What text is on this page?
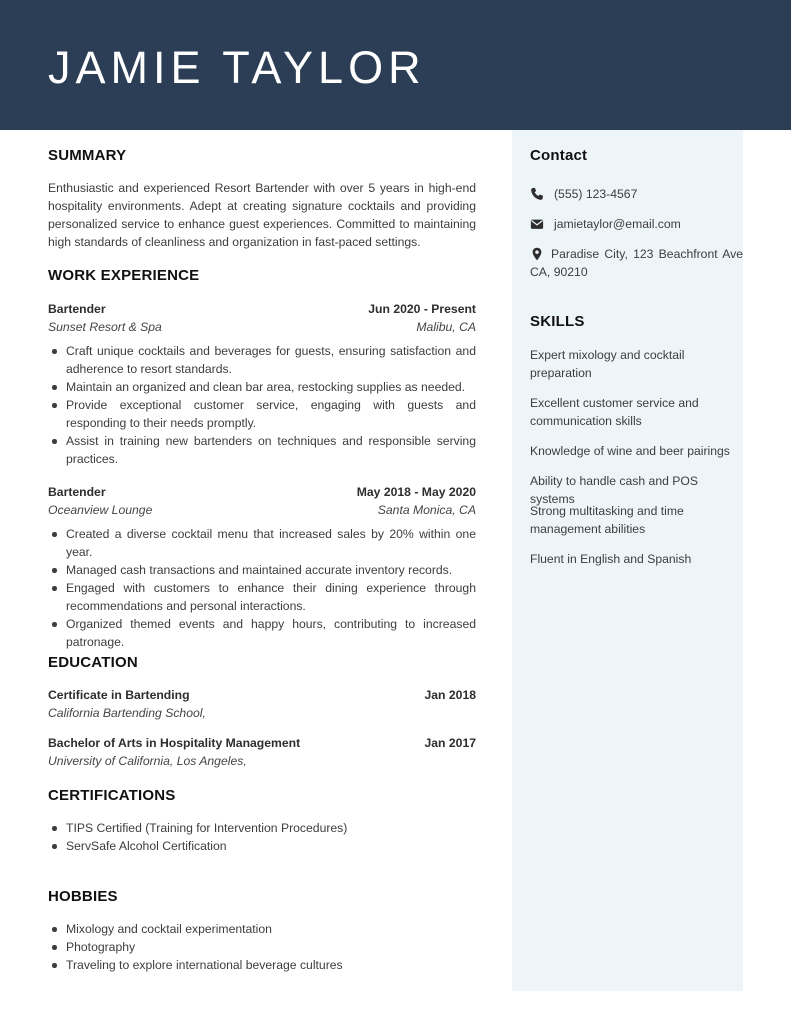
JAMIE TAYLOR
Contact
(555) 123-4567
jamietaylor@email.com
Paradise City, 123 Beachfront Ave CA, 90210
SKILLS
Expert mixology and cocktail preparation
Excellent customer service and communication skills
Knowledge of wine and beer pairings
Ability to handle cash and POS systems
Strong multitasking and time management abilities
Fluent in English and Spanish
SUMMARY

Enthusiastic and experienced Resort Bartender with over 5 years in high-end hospitality environments. Adept at creating signature cocktails and providing personalized service to enhance guest experiences. Committed to maintaining high standards of cleanliness and organization in fast-paced settings.

WORK EXPERIENCE
Bartender	Jun 2020 - Present
Sunset Resort & Spa	Malibu, CA
Craft unique cocktails and beverages for guests, ensuring satisfaction and adherence to resort standards.
Maintain an organized and clean bar area, restocking supplies as needed.
Provide exceptional customer service, engaging with guests and responding to their needs promptly.
Assist in training new bartenders on techniques and responsible serving practices.
Bartender	May 2018 - May 2020
Oceanview Lounge	Santa Monica, CA
Created a diverse cocktail menu that increased sales by 20% within one year.
Managed cash transactions and maintained accurate inventory records.
Engaged with customers to enhance their dining experience through recommendations and personal interactions.
Organized themed events and happy hours, contributing to increased patronage.
EDUCATION
Certificate in Bartending	Jan 2018
California Bartending School,
Bachelor of Arts in Hospitality Management	Jan 2017
University of California, Los Angeles,
CERTIFICATIONS
TIPS Certified (Training for Intervention Procedures)
ServSafe Alcohol Certification
HOBBIES
Mixology and cocktail experimentation
Photography
Traveling to explore international beverage cultures
